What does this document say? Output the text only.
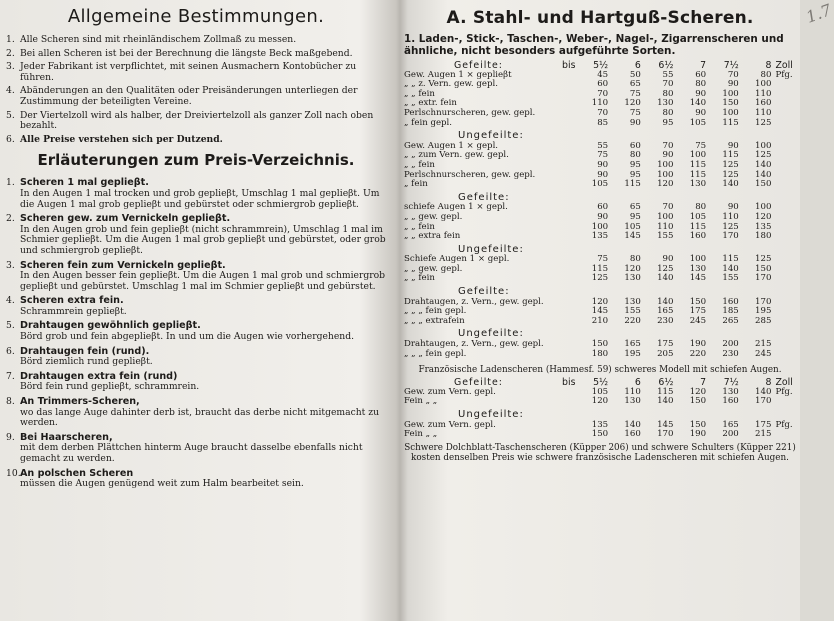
Allgemeine Bestimmungen.
1. Alle Scheren sind mit rheinländischem Zollmaß zu messen.
2. Bei allen Scheren ist bei der Berechnung die längste Beck maßgebend.
3. Jeder Fabrikant ist verpflichtet, mit seinen Ausmachern Kontobücher zu führen.
4. Abänderungen an den Qualitäten oder Preisänderungen unterliegen der Zustimmung der beteiligten Vereine.
5. Der Viertelzoll wird als halber, der Dreiviertelzoll als ganzer Zoll nach oben bezahlt.
6. Alle Preise verstehen sich per Dutzend.
Erläuterungen zum Preis-Verzeichnis.
1. Scheren 1 mal geplieβt.
In den Augen 1 mal trocken und grob geplieβt, Umschlag 1 mal geplieβt. Um die Augen 1 mal grob geplieβt und gebürstet oder schmiergrob geplieβt.
2. Scheren gew. zum Vernickeln geplieβt.
In den Augen grob und fein geplieβt (nicht schrammrein), Umschlag 1 mal im Schmier geplieβt. Um die Augen 1 mal grob geplieβt und gebürstet, oder grob und schmiergrob geplieβt.
3. Scheren fein zum Vernickeln geplieβt.
In den Augen besser fein geplieβt. Um die Augen 1 mal grob und schmiergrob geplieβt und gebürstet. Umschlag 1 mal im Schmier geplieβt und gebürstet.
4. Scheren extra fein.
Schrammrein geplieβt.
5. Drahtaugen gewöhnlich geplieβt.
Börd grob und fein abgeplieβt. In und um die Augen wie vorhergehend.
6. Drahtaugen fein (rund).
Börd ziemlich rund geplieβt.
7. Drahtaugen extra fein (rund)
Börd fein rund geplieβt, schrammrein.
8. An Trimmers-Scheren,
wo das lange Auge dahinter derb ist, braucht das derbe nicht mitgemacht zu werden.
9. Bei Haarscheren,
mit dem derben Plättchen hinterm Auge braucht dasselbe ebenfalls nicht gemacht zu werden.
10. An polschen Scheren
müssen die Augen genügend weit zum Halm bearbeitet sein.
1.7
A. Stahl- und Hartguß-Scheren.
1. Laden-, Stick-, Taschen-, Weber-, Nagel-, Zigarrenscheren und ähnliche, nicht besonders aufgeführte Sorten.
Gefeilte: bis	5½	6	6½	7	7½	8	Zoll
Gew. Augen 1 × geplieβt	45	50	55	60	70	80	Pfg.
„ „ z. Vern. gew. gepl.	60	65	70	80	90	100	
„ „ fein	70	75	80	90	100	110	
„ „ extr. fein	110	120	130	140	150	160	
Perlschnurscheren, gew. gepl.	70	75	80	90	100	110	
„ fein gepl.	85	90	95	105	115	125	
Ungefeilte:							
Gew. Augen 1 × gepl.	55	60	70	75	90	100	
„ „ zum Vern. gew. gepl.	75	80	90	100	115	125	
„ „ fein	90	95	100	115	125	140	
Perlschnurscheren, gew. gepl.	90	95	100	115	125	140	
„ fein	105	115	120	130	140	150	
Gefeilte:							
schiefe Augen 1 × gepl.	60	65	70	80	90	100	
„ „ gew. gepl.	90	95	100	105	110	120	
„ „ fein	100	105	110	115	125	135	
„ „ extra fein	135	145	155	160	170	180	
Ungefeilte:							
Schiefe Augen 1 × gepl.	75	80	90	100	115	125	
„ „ gew. gepl.	115	120	125	130	140	150	
„ „ fein	125	130	140	145	155	170	
Gefeilte:							
Drahtaugen, z. Vern., gew. gepl.	120	130	140	150	160	170	
„ „ „ fein gepl.	145	155	165	175	185	195	
„ „ „ extrafein	210	220	230	245	265	285	
Ungefeilte:							
Drahtaugen, z. Vern., gew. gepl.	150	165	175	190	200	215	
„ „ „ fein gepl.	180	195	205	220	230	245	
Französische Ladenscheren (Hammesf. 59) schweres Modell mit schiefen Augen.
Gefeilte: bis	5½	6	6½	7	7½	8	Zoll
Gew. zum Vern. gepl.	105	110	115	120	130	140	Pfg.
Fein „ „	120	130	140	150	160	170	
Ungefeilte:							
Gew. zum Vern. gepl.	135	140	145	150	165	175	Pfg.
Fein „ „	150	160	170	190	200	215	
Schwere Dolchblatt-Taschenscheren (Küpper 206) und schwere Schulters (Küpper 221) kosten denselben Preis wie schwere französische Ladenscheren mit schiefen Augen.
